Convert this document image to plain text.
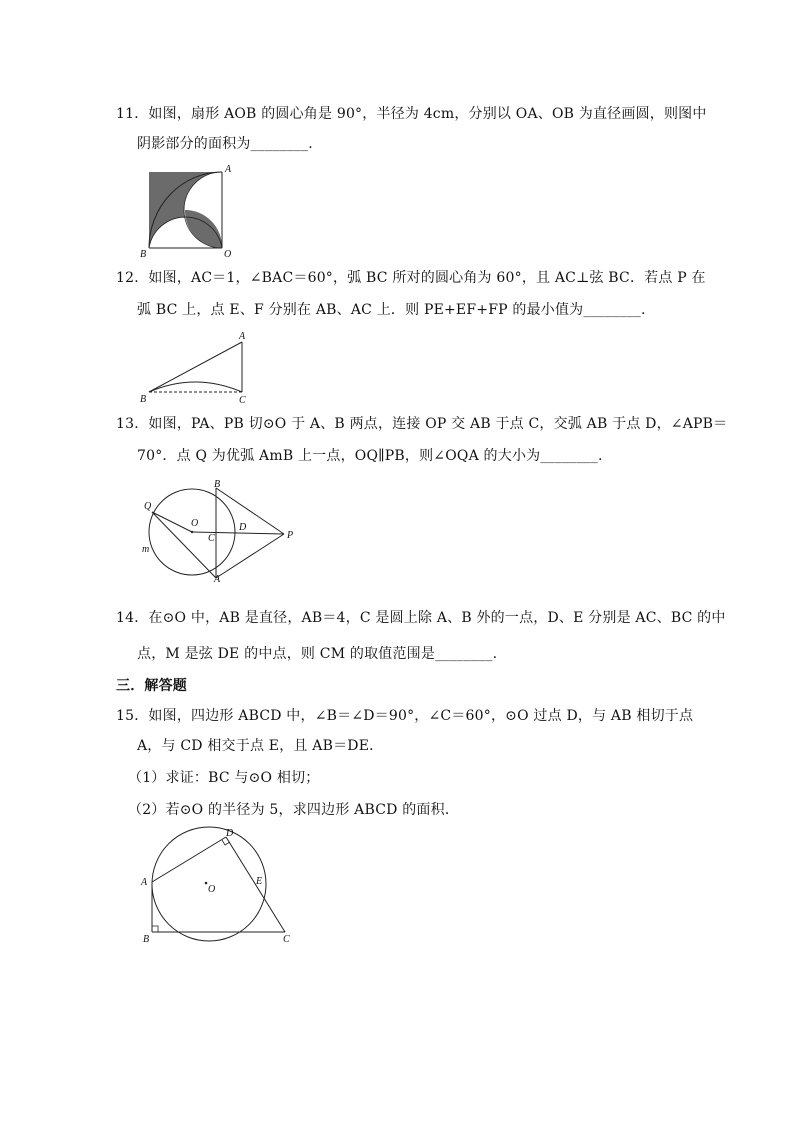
11．如图，扇形 AOB 的圆心角是 90°，半径为 4cm，分别以 OA、OB 为直径画圆，则图中
阴影部分的面积为________.
A
B	O
12．如图，AC＝1，∠BAC＝60°，弧 BC 所对的圆心角为 60°，且 AC⊥弦 BC．若点 P 在
弧 BC 上，点 E、F 分别在 AB、AC 上．则 PE+EF+FP 的最小值为________.
A
B	C
13．如图，PA、PB 切⊙O 于 A、B 两点，连接 OP 交 AB 于点 C，交弧 AB 于点 D，∠APB＝
70°．点 Q 为优弧 AmB 上一点，OQ∥PB，则∠OQA 的大小为________.
B
Q
O	D
P
C
m
A
14．在⊙O 中，AB 是直径，AB＝4，C 是圆上除 A、B 外的一点，D、E 分别是 AC、BC 的中
点，M 是弦 DE 的中点，则 CM 的取值范围是________.
三．解答题
15．如图，四边形 ABCD 中，∠B＝∠D＝90°，∠C＝60°，⊙O 过点 D，与 AB 相切于点
A，与 CD 相交于点 E，且 AB＝DE．
（1）求证：BC 与⊙O 相切；
（2）若⊙O 的半径为 5，求四边形 ABCD 的面积．
D
A
O
E
B	C
